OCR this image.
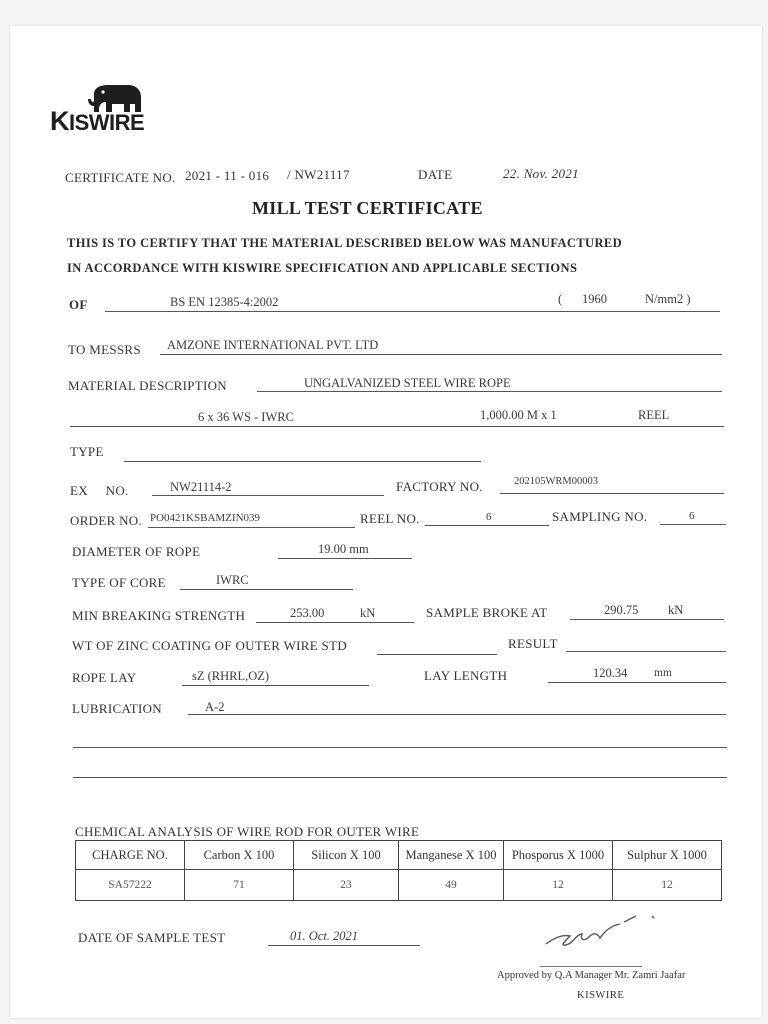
KISWIRE
CERTIFICATE NO. 2021 - 11 - 016 / NW21117	DATE	22. Nov. 2021
MILL TEST CERTIFICATE
THIS IS TO CERTIFY THAT THE MATERIAL DESCRIBED BELOW WAS MANUFACTURED
IN ACCORDANCE WITH KISWIRE SPECIFICATION AND APPLICABLE SECTIONS
OF	BS EN 12385-4:2002	( 1960	N/mm2 )
TO MESSRS AMZONE INTERNATIONAL PVT. LTD
MATERIAL DESCRIPTION	UNGALVANIZED STEEL WIRE ROPE
6 x 36 WS - IWRC	1,000.00 M x 1	REEL
TYPE
EX     NO.	NW21114-2	FACTORY NO.	202105WRM00003
ORDER NO. PO0421KSBAMZIN039	REEL NO.	6	SAMPLING NO.	6
DIAMETER OF ROPE	19.00 mm
TYPE OF CORE	IWRC
MIN BREAKING STRENGTH	253.00	kN	SAMPLE BROKE AT	290.75 kN
WT OF ZINC COATING OF OUTER WIRE STD	RESULT
ROPE LAY	sZ (RHRL,OZ)	LAY LENGTH	120.34 mm
LUBRICATION	A-2
CHEMICAL ANALYSIS OF WIRE ROD FOR OUTER WIRE
CHARGE NO.	Carbon X 100	Silicon X 100	Manganese X 100	Phosporus X 1000	Sulphur X 1000
SA57222	71	23	49	12	12
DATE OF SAMPLE TEST	01. Oct. 2021
Approved by Q.A Manager Mr. Zamri Jaafar
KISWIRE
